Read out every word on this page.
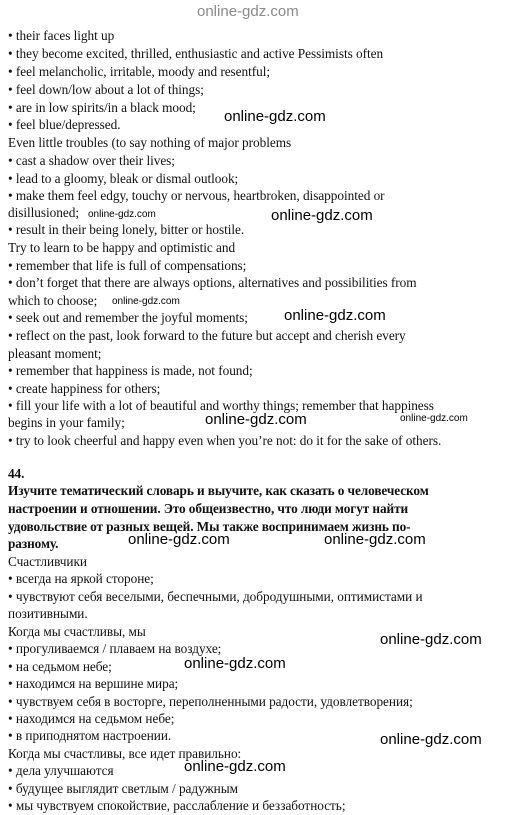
online-gdz.com
• their faces light up
• they become excited, thrilled, enthusiastic and active Pessimists often
• feel melancholic, irritable, moody and resentful;
• feel down/low about a lot of things;
• are in low spirits/in a black mood;
• feel blue/depressed.
Even little troubles (to say nothing of major problems
• cast a shadow over their lives;
• lead to a gloomy, bleak or dismal outlook;
• make them feel edgy, touchy or nervous, heartbroken, disappointed or
disillusioned;
• result in their being lonely, bitter or hostile.
Try to learn to be happy and optimistic and
• remember that life is full of compensations;
• don’t forget that there are always options, alternatives and possibilities from
which to choose;
• seek out and remember the joyful moments;
• reflect on the past, look forward to the future but accept and cherish every
pleasant moment;
• remember that happiness is made, not found;
• create happiness for others;
• fill your life with a lot of beautiful and worthy things; remember that happiness
begins in your family;
• try to look cheerful and happy even when you’re not: do it for the sake of others.
44.
Изучите тематический словарь и выучите, как сказать о человеческом
настроении и отношении. Это общеизвестно, что люди могут найти
удовольствие от разных вещей. Мы также воспринимаем жизнь по-
разному.
Счастливчики
• всегда на яркой стороне;
• чувствуют себя веселыми, беспечными, добродушными, оптимистами и
позитивными.
Когда мы счастливы, мы
• прогуливаемся / плаваем на воздухе;
• на седьмом небе;
• находимся на вершине мира;
• чувствуем себя в восторге, переполненными радости, удовлетворения;
• находимся на седьмом небе;
• в приподнятом настроении.
Когда мы счастливы, все идет правильно:
• дела улучшаются
• будущее выглядит светлым / радужным
• мы чувствуем спокойствие, расслабление и беззаботность;
online-gdz.com
online-gdz.com	online-gdz.com
online-gdz.com
online-gdz.com
online-gdz.com
online-gdz.com
online-gdz.com	online-gdz.com
online-gdz.com
online-gdz.com
online-gdz.com
online-gdz.com
